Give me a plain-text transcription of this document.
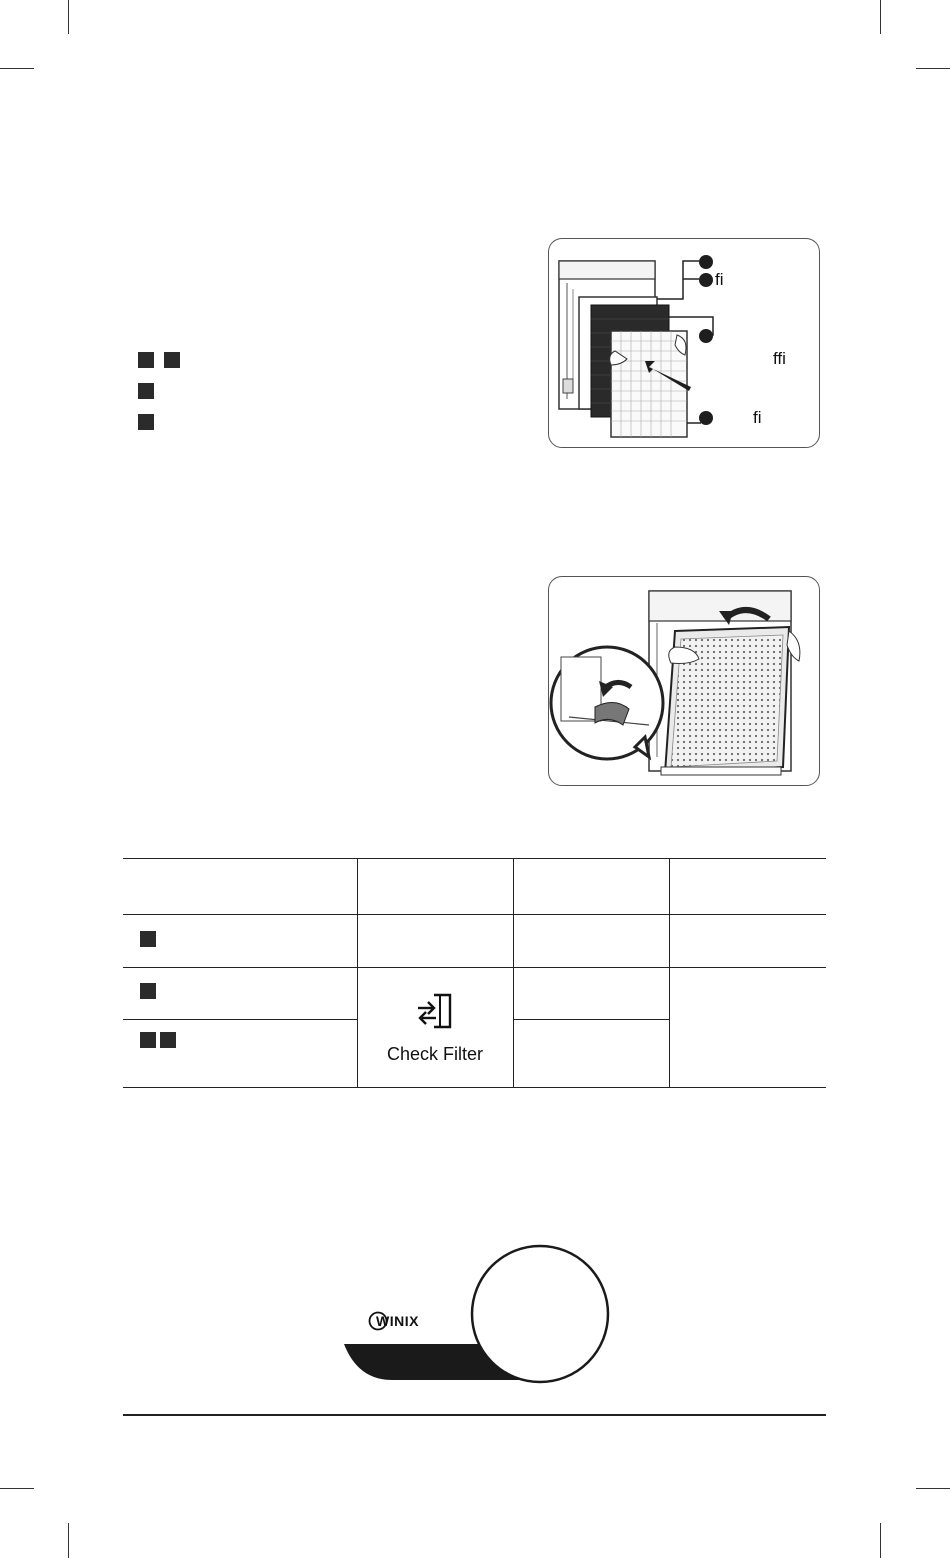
fi
ffi
fi

	Check Filter		

WINIX
